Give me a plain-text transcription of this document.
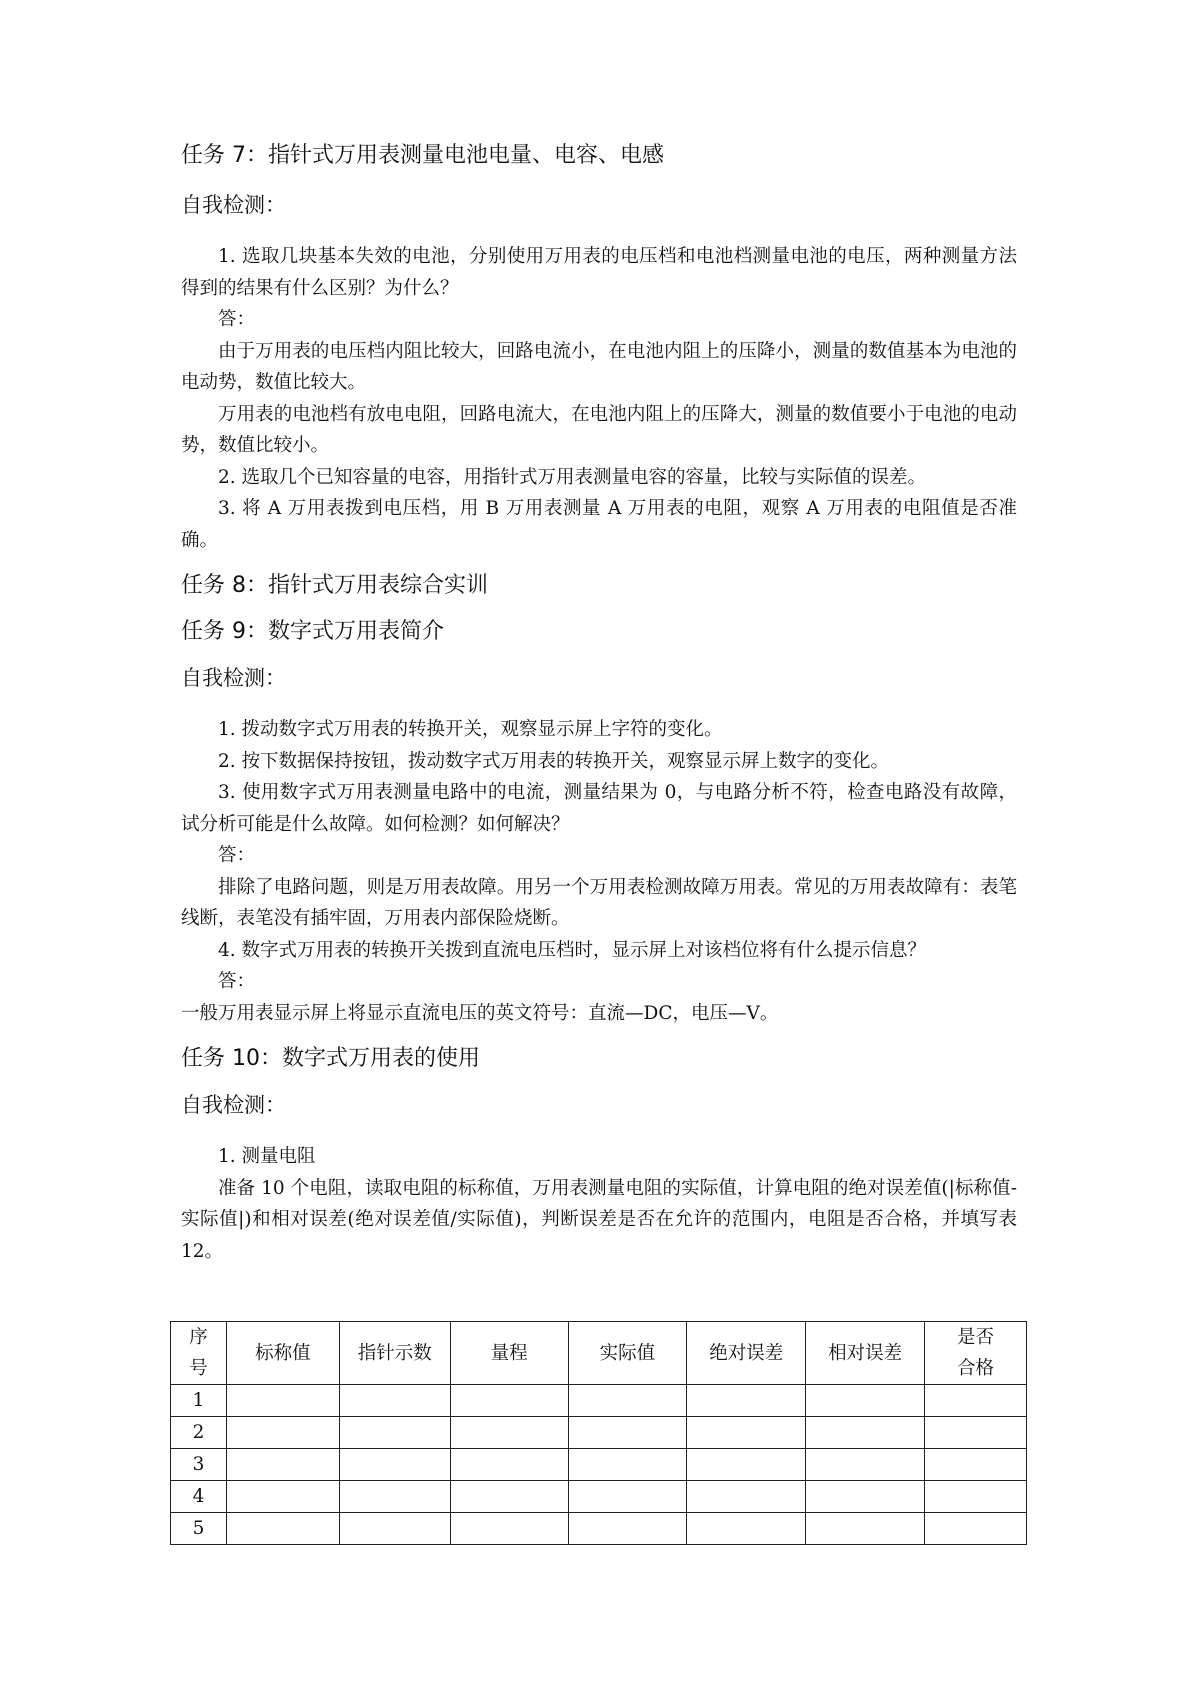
任务 7：指针式万用表测量电池电量、电容、电感
自我检测：

1. 选取几块基本失效的电池，分别使用万用表的电压档和电池档测量电池的电压，两种测量方法得到的结果有什么区别？为什么？

答：

由于万用表的电压档内阻比较大，回路电流小，在电池内阻上的压降小，测量的数值基本为电池的电动势，数值比较大。

万用表的电池档有放电电阻，回路电流大，在电池内阻上的压降大，测量的数值要小于电池的电动势，数值比较小。

2. 选取几个已知容量的电容，用指针式万用表测量电容的容量，比较与实际值的误差。

3. 将 A 万用表拨到电压档，用 B 万用表测量 A 万用表的电阻，观察 A 万用表的电阻值是否准确。

任务 8：指针式万用表综合实训
任务 9：数字式万用表简介
自我检测：

1. 拨动数字式万用表的转换开关，观察显示屏上字符的变化。

2. 按下数据保持按钮，拨动数字式万用表的转换开关，观察显示屏上数字的变化。

3. 使用数字式万用表测量电路中的电流，测量结果为 0，与电路分析不符，检查电路没有故障，试分析可能是什么故障。如何检测？如何解决？

答：

排除了电路问题，则是万用表故障。用另一个万用表检测故障万用表。常见的万用表故障有：表笔线断，表笔没有插牢固，万用表内部保险烧断。

4. 数字式万用表的转换开关拨到直流电压档时，显示屏上对该档位将有什么提示信息？

答：

一般万用表显示屏上将显示直流电压的英文符号：直流—DC，电压—V。

任务 10：数字式万用表的使用
自我检测：

1. 测量电阻

准备 10 个电阻，读取电阻的标称值，万用表测量电阻的实际值，计算电阻的绝对误差值(|标称值-实际值|)和相对误差(绝对误差值/实际值)，判断误差是否在允许的范围内，电阻是否合格，并填写表 12。

序
号	标称值	指针示数	量程	实际值	绝对误差	相对误差	是否
合格
1							
2							
3							
4							
5							
